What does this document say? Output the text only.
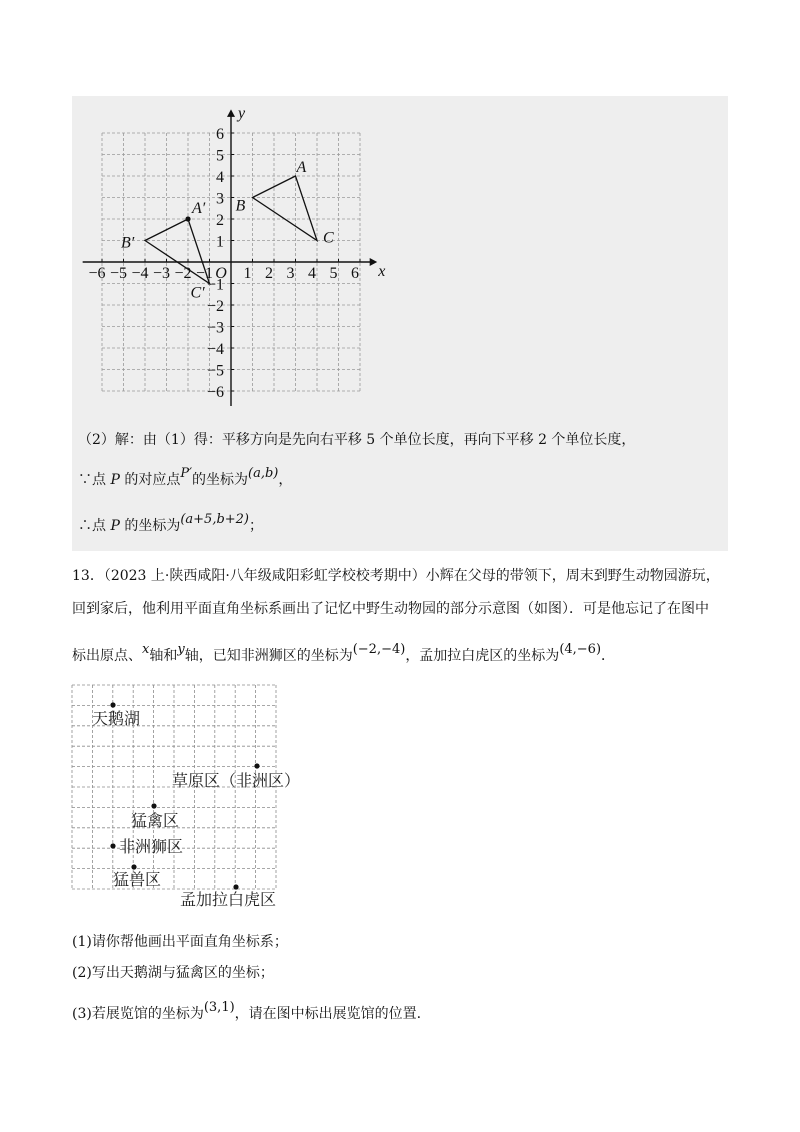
−6 −5 −4 −3 −2 −1 O 1 2 3 4 5 6
6
5
4
3
2
1
−1
−2
−3
−4
−5
−6
x
y
A
B
C
A′
B′
C′
（2）解：由（1）得：平移方向是先向右平移 5 个单位长度，再向下平移 2 个单位长度，
∵点 P 的对应点P′的坐标为(a,b)，
∴点 P 的坐标为(a+5,b+2)；
13．（2023 上·陕西咸阳·八年级咸阳彩虹学校校考期中）小辉在父母的带领下，周末到野生动物园游玩，
回到家后，他利用平面直角坐标系画出了记忆中野生动物园的部分示意图（如图）．可是他忘记了在图中
标出原点、x轴和y轴，已知非洲狮区的坐标为(−2,−4)，孟加拉白虎区的坐标为(4,−6)．
天鹅湖
草原区（非洲区）
猛禽区
非洲狮区
猛兽区
孟加拉白虎区
(1)请你帮他画出平面直角坐标系；
(2)写出天鹅湖与猛禽区的坐标；
(3)若展览馆的坐标为(3,1)，请在图中标出展览馆的位置.
